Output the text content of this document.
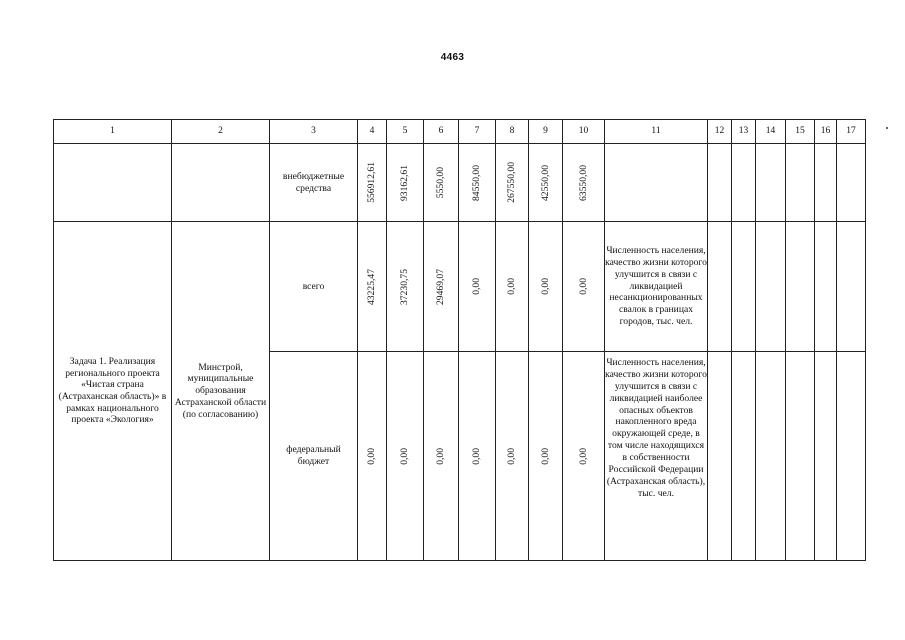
4463
1	2	3	4	5	6	7	8	9	10	11	12	13	14	15	16	17
		внебюджетные средства	556912,61	93162,61	5550,00	84550,00	267550,00	42550,00	63550,00							

Задача 1. Реализация регионального проекта «Чистая страна (Астраханская область)» в рамках национального проекта «Экология»	Минстрой, муниципальные образования Астраханской области (по согласованию)	всего	43225,47	37230,75	29469,07	0,00	0,00	0,00	0,00	Численность населения, качество жизни которого улучшится в связи с ликвидацией несанкционированных свалок в границах городов, тыс. чел.						
		федеральный бюджет	0,00	0,00	0,00	0,00	0,00	0,00	0,00	Численность населения, качество жизни которого улучшится в связи с ликвидацией наиболее опасных объектов накопленного вреда окружающей среде, в том числе находящихся в собственности Российской Федерации (Астраханская область), тыс. чел.						
